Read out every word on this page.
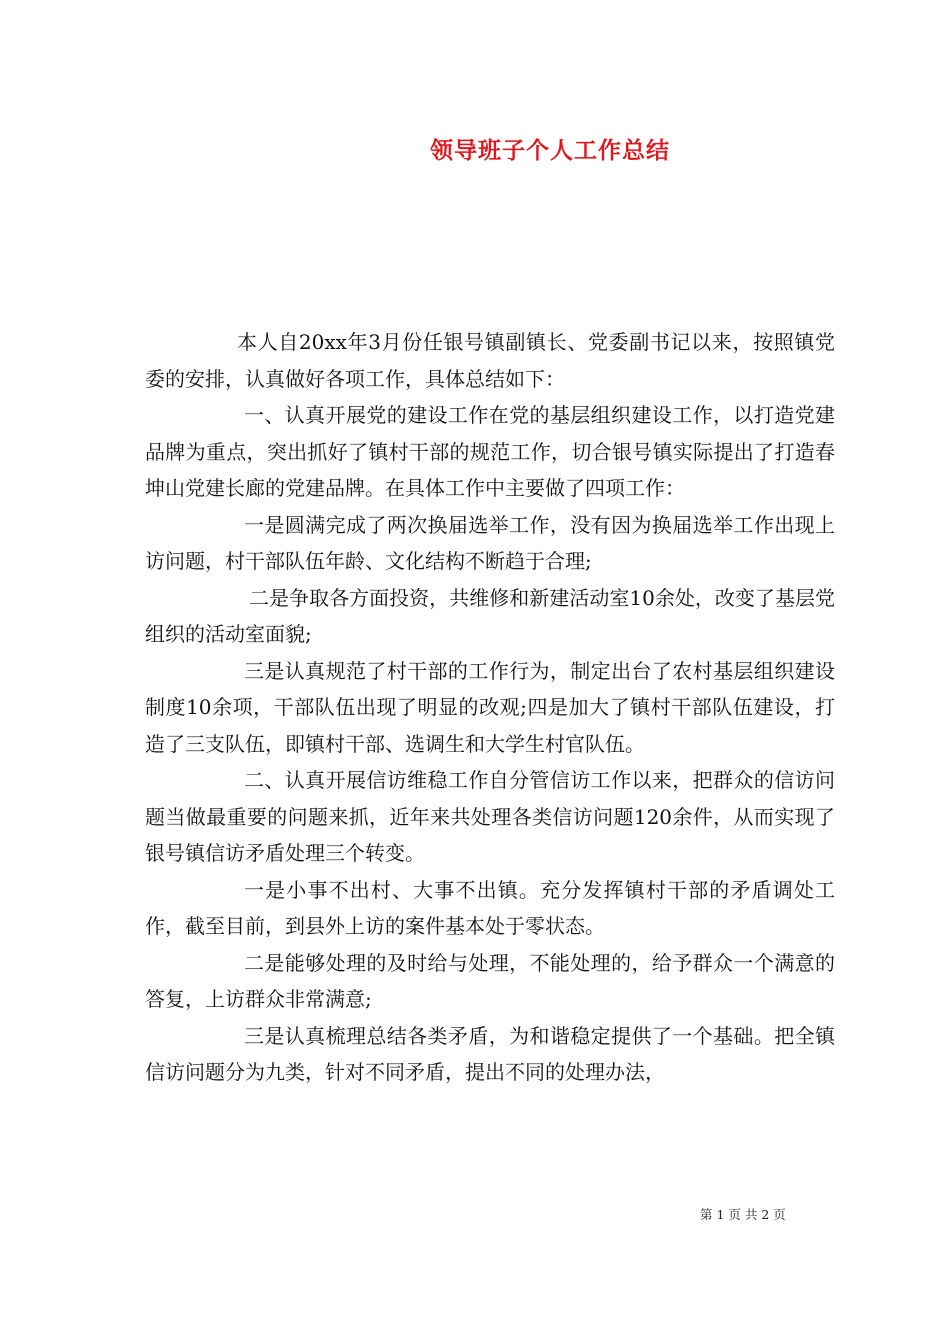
领导班子个人工作总结

本人自20xx年3月份任银号镇副镇长、党委副书记以来，按照镇党委的安排，认真做好各项工作，具体总结如下：

一、认真开展党的建设工作在党的基层组织建设工作，以打造党建品牌为重点，突出抓好了镇村干部的规范工作，切合银号镇实际提出了打造春坤山党建长廊的党建品牌。在具体工作中主要做了四项工作：

一是圆满完成了两次换届选举工作，没有因为换届选举工作出现上访问题，村干部队伍年龄、文化结构不断趋于合理;

二是争取各方面投资，共维修和新建活动室10余处，改变了基层党组织的活动室面貌;

三是认真规范了村干部的工作行为，制定出台了农村基层组织建设制度10余项，干部队伍出现了明显的改观;四是加大了镇村干部队伍建设，打造了三支队伍，即镇村干部、选调生和大学生村官队伍。

二、认真开展信访维稳工作自分管信访工作以来，把群众的信访问题当做最重要的问题来抓，近年来共处理各类信访问题120余件，从而实现了银号镇信访矛盾处理三个转变。

一是小事不出村、大事不出镇。充分发挥镇村干部的矛盾调处工作，截至目前，到县外上访的案件基本处于零状态。

二是能够处理的及时给与处理，不能处理的，给予群众一个满意的答复，上访群众非常满意;

三是认真梳理总结各类矛盾，为和谐稳定提供了一个基础。把全镇信访问题分为九类，针对不同矛盾，提出不同的处理办法，

第 1 页 共 2 页
